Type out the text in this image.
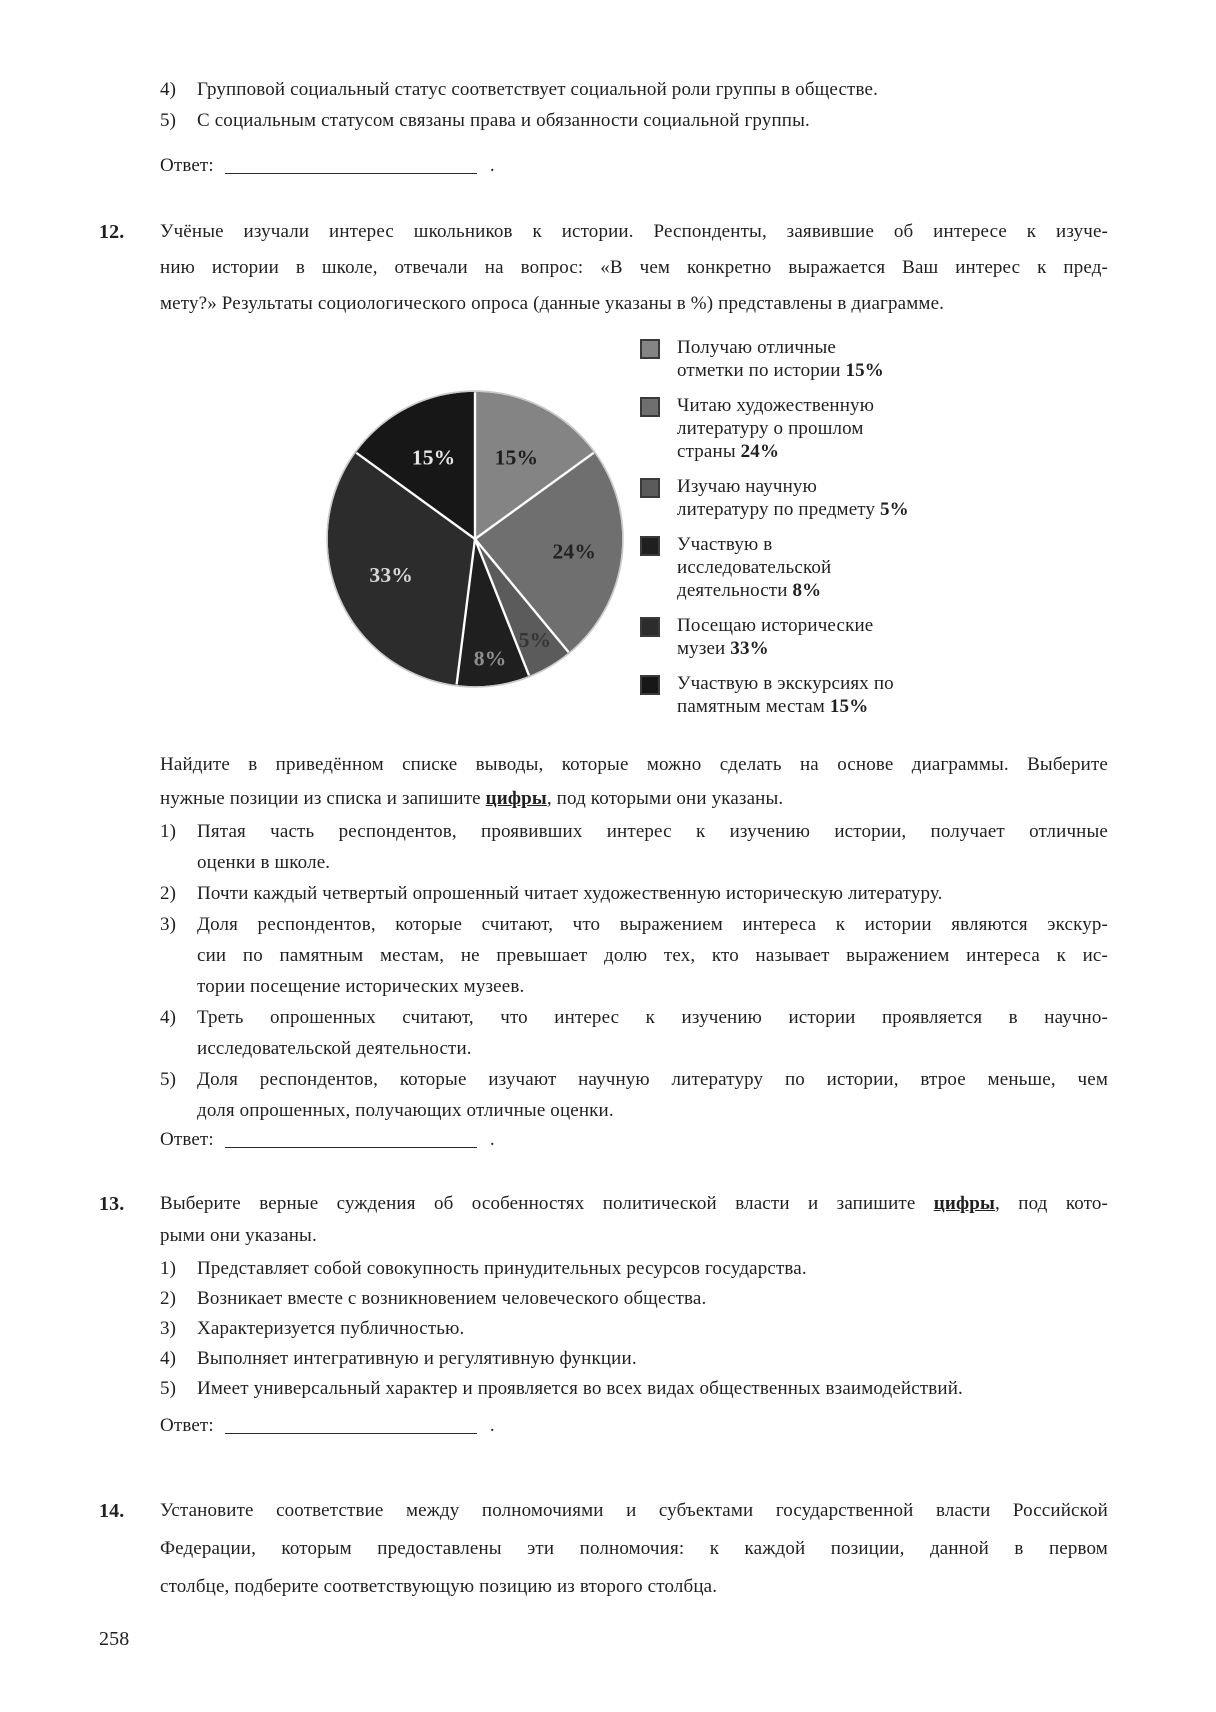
4) Групповой социальный статус соответствует социальной роли группы в обществе.
5) С социальным статусом связаны права и обязанности социальной группы.
Ответ:	.
12. Учёные изучали интерес школьников к истории. Респонденты, заявившие об интересе к изуче-
нию истории в школе, отвечали на вопрос: «В чем конкретно выражается Ваш интерес к пред-
мету?» Результаты социологического опроса (данные указаны в %) представлены в диаграмме.
15%
24%
5%
8%
33%
15%
Получаю отличные
отметки по истории 15%
Читаю художественную
литературу о прошлом
страны 24%
Изучаю научную
литературу по предмету 5%
Участвую в
исследовательской
деятельности 8%
Посещаю исторические
музеи 33%
Участвую в экскурсиях по
памятным местам 15%
Найдите в приведённом списке выводы, которые можно сделать на основе диаграммы. Выберите
нужные позиции из списка и запишите цифры, под которыми они указаны.
1) Пятая часть респондентов, проявивших интерес к изучению истории, получает отличные
оценки в школе.
2) Почти каждый четвертый опрошенный читает художественную историческую литературу.
3) Доля респондентов, которые считают, что выражением интереса к истории являются экскур-
сии по памятным местам, не превышает долю тех, кто называет выражением интереса к ис-
тории посещение исторических музеев.
4) Треть опрошенных считают, что интерес к изучению истории проявляется в научно-
исследовательской деятельности.
5) Доля респондентов, которые изучают научную литературу по истории, втрое меньше, чем
доля опрошенных, получающих отличные оценки.
Ответ:	.
13. Выберите верные суждения об особенностях политической власти и запишите цифры, под кото-
рыми они указаны.
1) Представляет собой совокупность принудительных ресурсов государства.
2) Возникает вместе с возникновением человеческого общества.
3) Характеризуется публичностью.
4) Выполняет интегративную и регулятивную функции.
5) Имеет универсальный характер и проявляется во всех видах общественных взаимодействий.
Ответ:	.
14. Установите соответствие между полномочиями и субъектами государственной власти Российской
Федерации, которым предоставлены эти полномочия: к каждой позиции, данной в первом
столбце, подберите соответствующую позицию из второго столбца.
258
